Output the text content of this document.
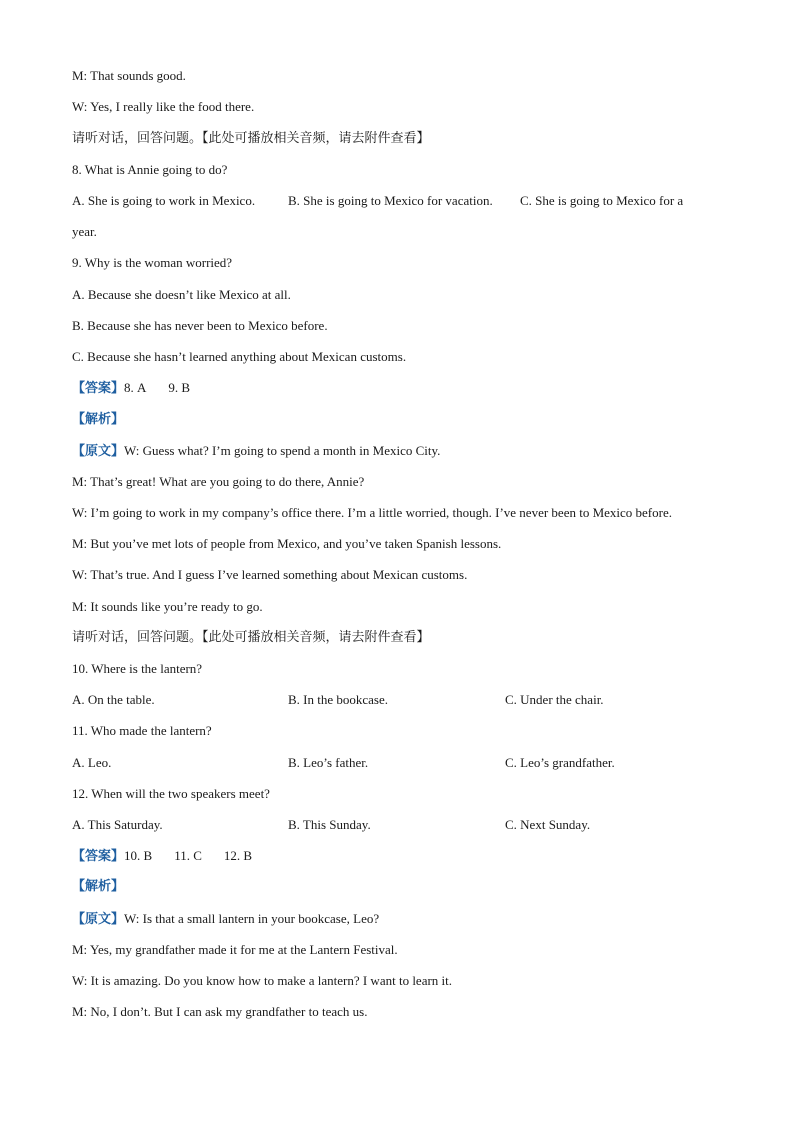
M: That sounds good.
W: Yes, I really like the food there.
请听对话，回答问题。【此处可播放相关音频，请去附件查看】
8. What is Annie going to do?
A. She is going to work in Mexico.	B. She is going to Mexico for vacation. C. She is going to Mexico for a
year.
9. Why is the woman worried?
A. Because she doesn’t like Mexico at all.
B. Because she has never been to Mexico before.
C. Because she hasn’t learned anything about Mexican customs.
【答案】8. A 9. B
【解析】
【原文】W: Guess what? I’m going to spend a month in Mexico City.
M: That’s great! What are you going to do there, Annie?
W: I’m going to work in my company’s office there. I’m a little worried, though. I’ve never been to Mexico before.
M: But you’ve met lots of people from Mexico, and you’ve taken Spanish lessons.
W: That’s true. And I guess I’ve learned something about Mexican customs.
M: It sounds like you’re ready to go.
请听对话，回答问题。【此处可播放相关音频，请去附件查看】
10. Where is the lantern?
A. On the table.	B. In the bookcase.	C. Under the chair.
11. Who made the lantern?
A. Leo.	B. Leo’s father.	C. Leo’s grandfather.
12. When will the two speakers meet?
A. This Saturday.	B. This Sunday.	C. Next Sunday.
【答案】10. B 11. C 12. B
【解析】
【原文】W: Is that a small lantern in your bookcase, Leo?
M: Yes, my grandfather made it for me at the Lantern Festival.
W: It is amazing. Do you know how to make a lantern? I want to learn it.
M: No, I don’t. But I can ask my grandfather to teach us.
